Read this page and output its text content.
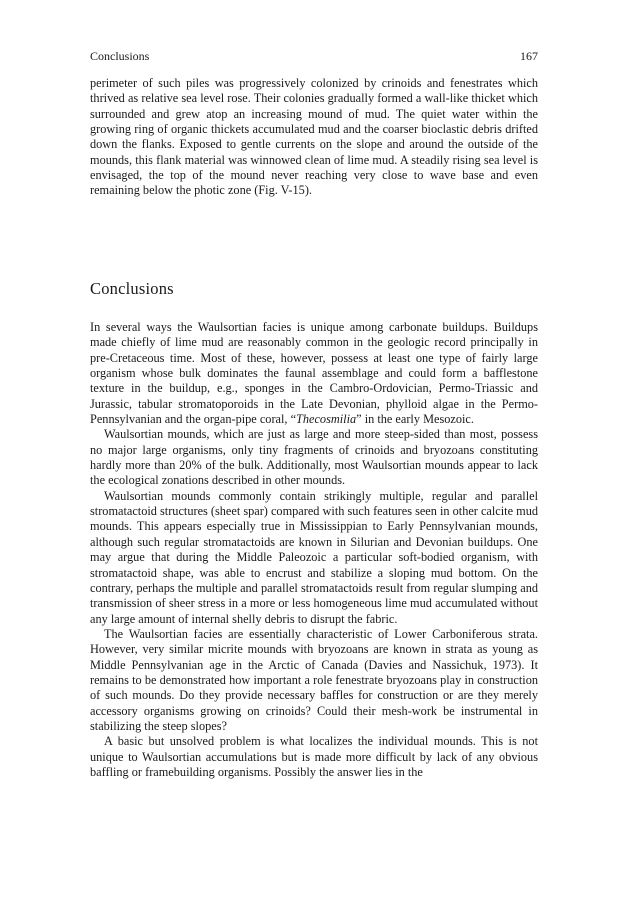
Conclusions	167

perimeter of such piles was progressively colonized by crinoids and fenestrates which thrived as relative sea level rose. Their colonies gradually formed a wall-like thicket which surrounded and grew atop an increasing mound of mud. The quiet water within the growing ring of organic thickets accumulated mud and the coarser bioclastic debris drifted down the flanks. Exposed to gentle currents on the slope and around the outside of the mounds, this flank material was winnowed clean of lime mud. A steadily rising sea level is envisaged, the top of the mound never reaching very close to wave base and even remaining below the photic zone (Fig. V-15).

Conclusions

In several ways the Waulsortian facies is unique among carbonate buildups. Buildups made chiefly of lime mud are reasonably common in the geologic record principally in pre-Cretaceous time. Most of these, however, possess at least one type of fairly large organism whose bulk dominates the faunal assemblage and could form a bafflestone texture in the buildup, e.g., sponges in the Cambro-Ordovician, Permo-Triassic and Jurassic, tabular stromatoporoids in the Late Devonian, phylloid algae in the Permo-Pennsylvanian and the organ-pipe coral, “Thecosmilia” in the early Mesozoic.

Waulsortian mounds, which are just as large and more steep-sided than most, possess no major large organisms, only tiny fragments of crinoids and bryozoans constituting hardly more than 20% of the bulk. Additionally, most Waulsortian mounds appear to lack the ecological zonations described in other mounds.

Waulsortian mounds commonly contain strikingly multiple, regular and parallel stromatactoid structures (sheet spar) compared with such features seen in other calcite mud mounds. This appears especially true in Mississippian to Early Pennsylvanian mounds, although such regular stromatactoids are known in Silurian and Devonian buildups. One may argue that during the Middle Paleozoic a particular soft-bodied organism, with stromatactoid shape, was able to encrust and stabilize a sloping mud bottom. On the contrary, perhaps the multiple and parallel stromatactoids result from regular slumping and transmission of sheer stress in a more or less homogeneous lime mud accumulated without any large amount of internal shelly debris to disrupt the fabric.

The Waulsortian facies are essentially characteristic of Lower Carboniferous strata. However, very similar micrite mounds with bryozoans are known in strata as young as Middle Pennsylvanian age in the Arctic of Canada (Davies and Nassichuk, 1973). It remains to be demonstrated how important a role fenestrate bryozoans play in construction of such mounds. Do they provide necessary baffles for construction or are they merely accessory organisms growing on crinoids? Could their mesh-work be instrumental in stabilizing the steep slopes?

A basic but unsolved problem is what localizes the individual mounds. This is not unique to Waulsortian accumulations but is made more difficult by lack of any obvious baffling or framebuilding organisms. Possibly the answer lies in the
